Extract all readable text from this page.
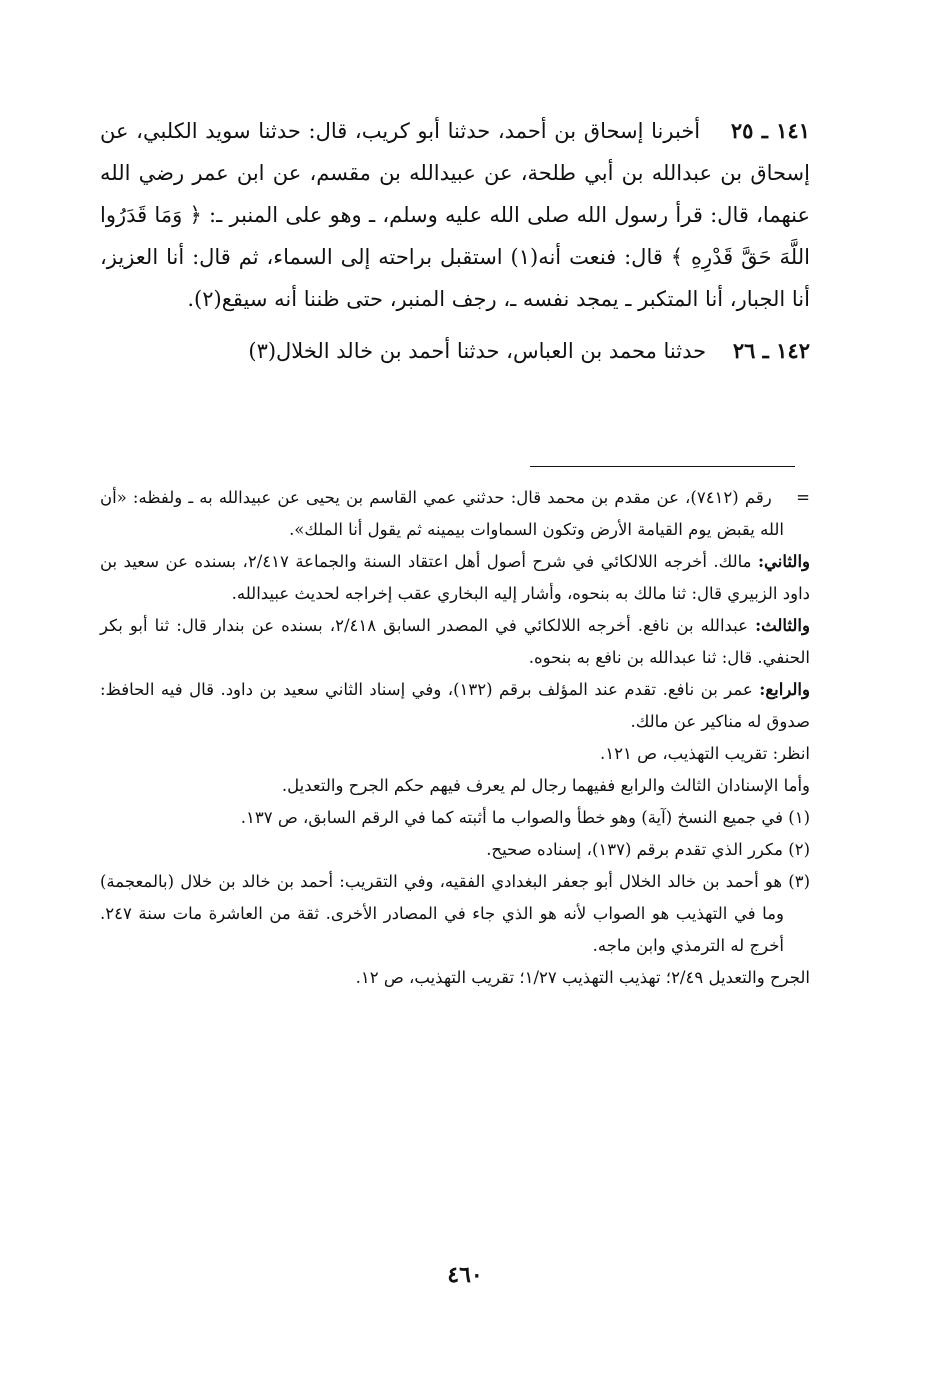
١٤١ ـ ٢٥    أخبرنا إسحاق بن أحمد، حدثنا أبو كريب، قال: حدثنا سويد الكلبي، عن إسحاق بن عبدالله بن أبي طلحة، عن عبيدالله بن مقسم، عن ابن عمر رضي الله عنهما، قال: قرأ رسول الله صلى الله عليه وسلم، ـ وهو على المنبر ـ: ﴿ وَمَا قَدَرُوا اللَّهَ حَقَّ قَدْرِهِ ﴾ قال: فنعت أنه(١) استقبل براحته إلى السماء، ثم قال: أنا العزيز، أنا الجبار، أنا المتكبر ـ يمجد نفسه ـ، رجف المنبر، حتى ظننا أنه سيقع(٢).

١٤٢ ـ ٢٦    حدثنا محمد بن العباس، حدثنا أحمد بن خالد الخلال(٣)

=    رقم (٧٤١٢)، عن مقدم بن محمد قال: حدثني عمي القاسم بن يحيى عن عبيدالله به ـ ولفظه: «أن الله يقبض يوم القيامة الأرض وتكون السماوات بيمينه ثم يقول أنا الملك».

والثاني: مالك. أخرجه اللالكائي في شرح أصول أهل اعتقاد السنة والجماعة ٢/٤١٧، بسنده عن سعيد بن داود الزبيري قال: ثنا مالك به بنحوه، وأشار إليه البخاري عقب إخراجه لحديث عبيدالله.

والثالث: عبدالله بن نافع. أخرجه اللالكائي في المصدر السابق ٢/٤١٨، بسنده عن بندار قال: ثنا أبو بكر الحنفي. قال: ثنا عبدالله بن نافع به بنحوه.

والرابع: عمر بن نافع. تقدم عند المؤلف برقم (١٣٢)، وفي إسناد الثاني سعيد بن داود. قال فيه الحافظ: صدوق له مناكير عن مالك.

انظر: تقريب التهذيب، ص ١٢١.

وأما الإسنادان الثالث والرابع ففيهما رجال لم يعرف فيهم حكم الجرح والتعديل.

(١) في جميع النسخ (آية) وهو خطأ والصواب ما أثبته كما في الرقم السابق، ص ١٣٧.

(٢) مكرر الذي تقدم برقم (١٣٧)، إسناده صحيح.

(٣) هو أحمد بن خالد الخلال أبو جعفر البغدادي الفقيه، وفي التقريب: أحمد بن خالد بن خلال (بالمعجمة) وما في التهذيب هو الصواب لأنه هو الذي جاء في المصادر الأخرى. ثقة من العاشرة مات سنة ٢٤٧. أخرج له الترمذي وابن ماجه.

الجرح والتعديل ٢/٤٩؛ تهذيب التهذيب ١/٢٧؛ تقريب التهذيب، ص ١٢.

٤٦٠
